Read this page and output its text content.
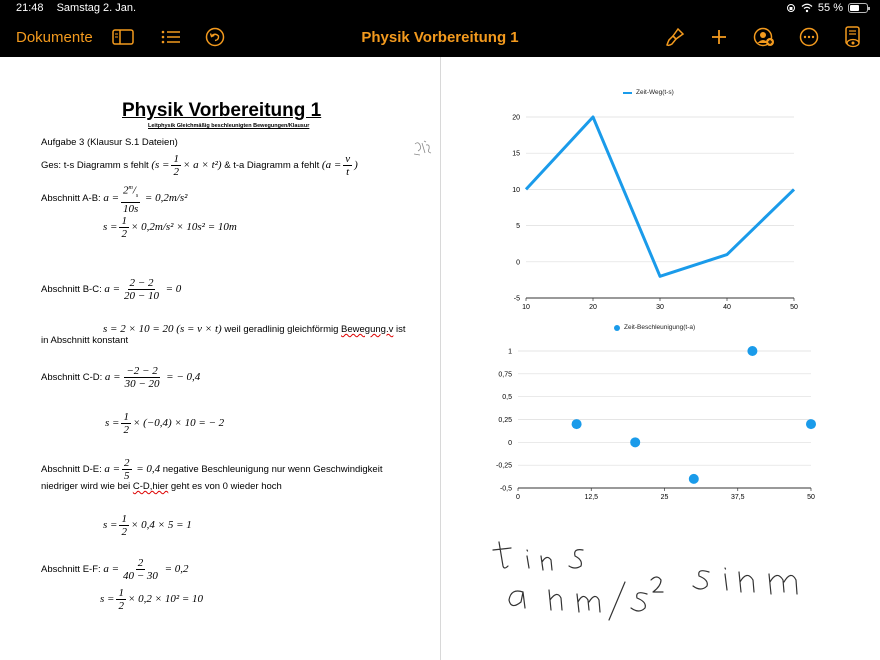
21:48 Samstag 2. Jan.	55 %
Dokumente	Physik Vorbereitung 1
Physik Vorbereitung 1
Leitphysik Gleichmäßig beschleunigten Bewegungen/Klausur
Aufgabe 3 (Klausur S.1 Dateien)
Ges: t-s Diagramm s fehlt $(s = \frac{1}{2} \times a \times t^2)$ & t-a Diagramm a fehlt ($a = \frac{v}{t}$ )
Abschnitt A-B: $a = \frac{2^m/_s}{10s} = 0,2m/s^2$
$s = \frac{1}{2} \times 0,2m/s^2 \times 10s^2 = 10m$
Abschnitt B-C: $a = \frac{2 - 2}{20 - 10} = 0$
s = 2 × 10 = 20 (s = v × t) weil geradlinig gleichförmig Bewegung.v ist
in Abschnitt konstant
Abschnitt C-D: $a = \frac{-2 - 2}{30 - 20}$ = − 0,4
$s = \frac{1}{2} \times (-0,4) \times 10$ = − 2
Abschnitt D-E: $a = \frac{2}{5} = 0,4$ negative Beschleunigung nur wenn Geschwindigkeit
niedriger wird wie bei C-D,hier geht es von 0 wieder hoch
$s = \frac{1}{2} \times 0,4 \times 5 = 1$
Abschnitt E-F: $a = \frac{2}{40 - 30} = 0,2$
$s = \frac{1}{2} \times 0,2 \times 10^2 = 10$
Zeit-Weg(t-s)
20
15
10
5
0
-5
10	20	30	40	50
Zeit-Beschleunigung(t-a)
1
0,75
0,5
0,25
0
-0,25
-0,5
0	12,5	25	37,5	50
